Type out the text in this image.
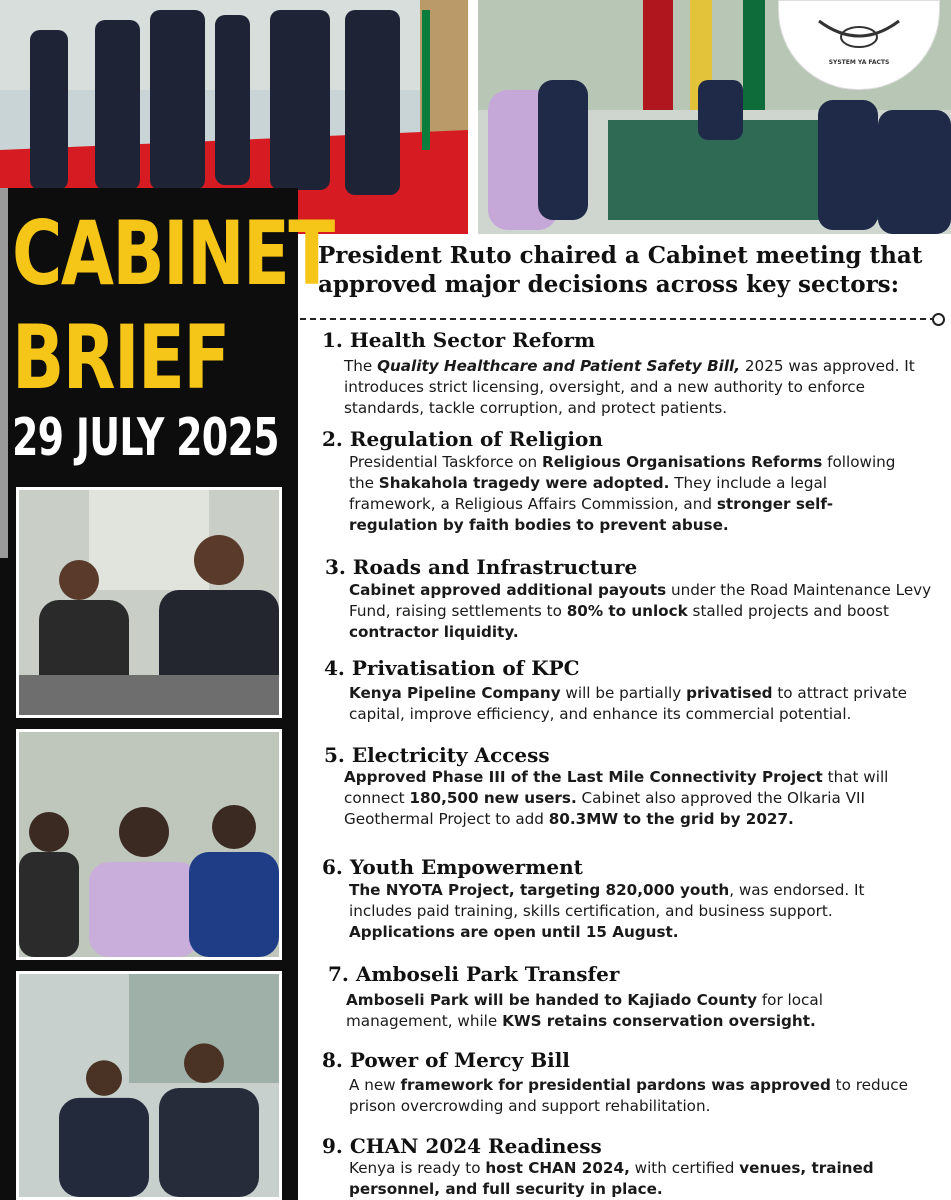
SYSTEM YA FACTS
CABINET
BRIEF
29 JULY 2025
President Ruto chaired a Cabinet meeting that approved major decisions across key sectors:
1. Health Sector Reform
The Quality Healthcare and Patient Safety Bill, 2025 was approved. It introduces strict licensing, oversight, and a new authority to enforce standards, tackle corruption, and protect patients.
2. Regulation of Religion
Presidential Taskforce on Religious Organisations Reforms following the Shakahola tragedy were adopted. They include a legal framework, a Religious Affairs Commission, and stronger self-regulation by faith bodies to prevent abuse.
3. Roads and Infrastructure
Cabinet approved additional payouts under the Road Maintenance Levy Fund, raising settlements to 80% to unlock stalled projects and boost contractor liquidity.
4. Privatisation of KPC
Kenya Pipeline Company will be partially privatised to attract private capital, improve efficiency, and enhance its commercial potential.
5. Electricity Access
Approved Phase III of the Last Mile Connectivity Project that will connect 180,500 new users. Cabinet also approved the Olkaria VII Geothermal Project to add 80.3MW to the grid by 2027.
6. Youth Empowerment
The NYOTA Project, targeting 820,000 youth, was endorsed. It includes paid training, skills certification, and business support. Applications are open until 15 August.
7. Amboseli Park Transfer
Amboseli Park will be handed to Kajiado County for local management, while KWS retains conservation oversight.
8. Power of Mercy Bill
A new framework for presidential pardons was approved to reduce prison overcrowding and support rehabilitation.
9. CHAN 2024 Readiness
Kenya is ready to host CHAN 2024, with certified venues, trained personnel, and full security in place.
